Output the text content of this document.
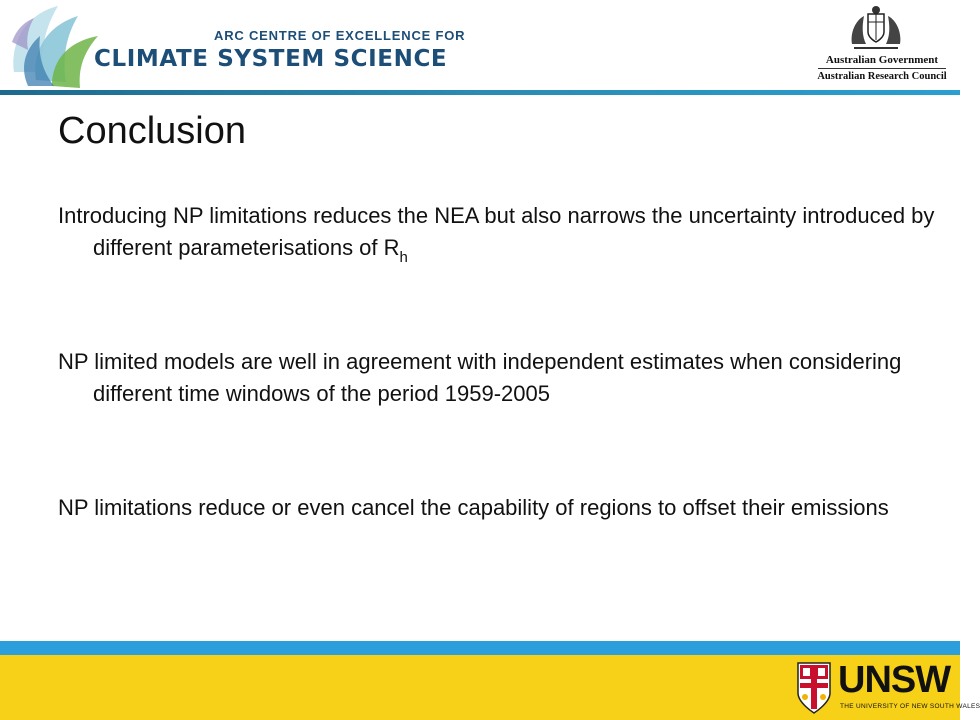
ARC CENTRE OF EXCELLENCE FOR
CLIMATE SYSTEM SCIENCE	Australian Government
Australian Research Council
Conclusion
Introducing NP limitations reduces the NEA but also narrows the uncertainty introduced by different parameterisations of $R_h$
NP limited models are well in agreement with independent estimates when considering different time windows of the period 1959-2005
NP limitations reduce or even cancel the capability of regions to offset their emissions
UNSW
THE UNIVERSITY OF NEW SOUTH WALES
